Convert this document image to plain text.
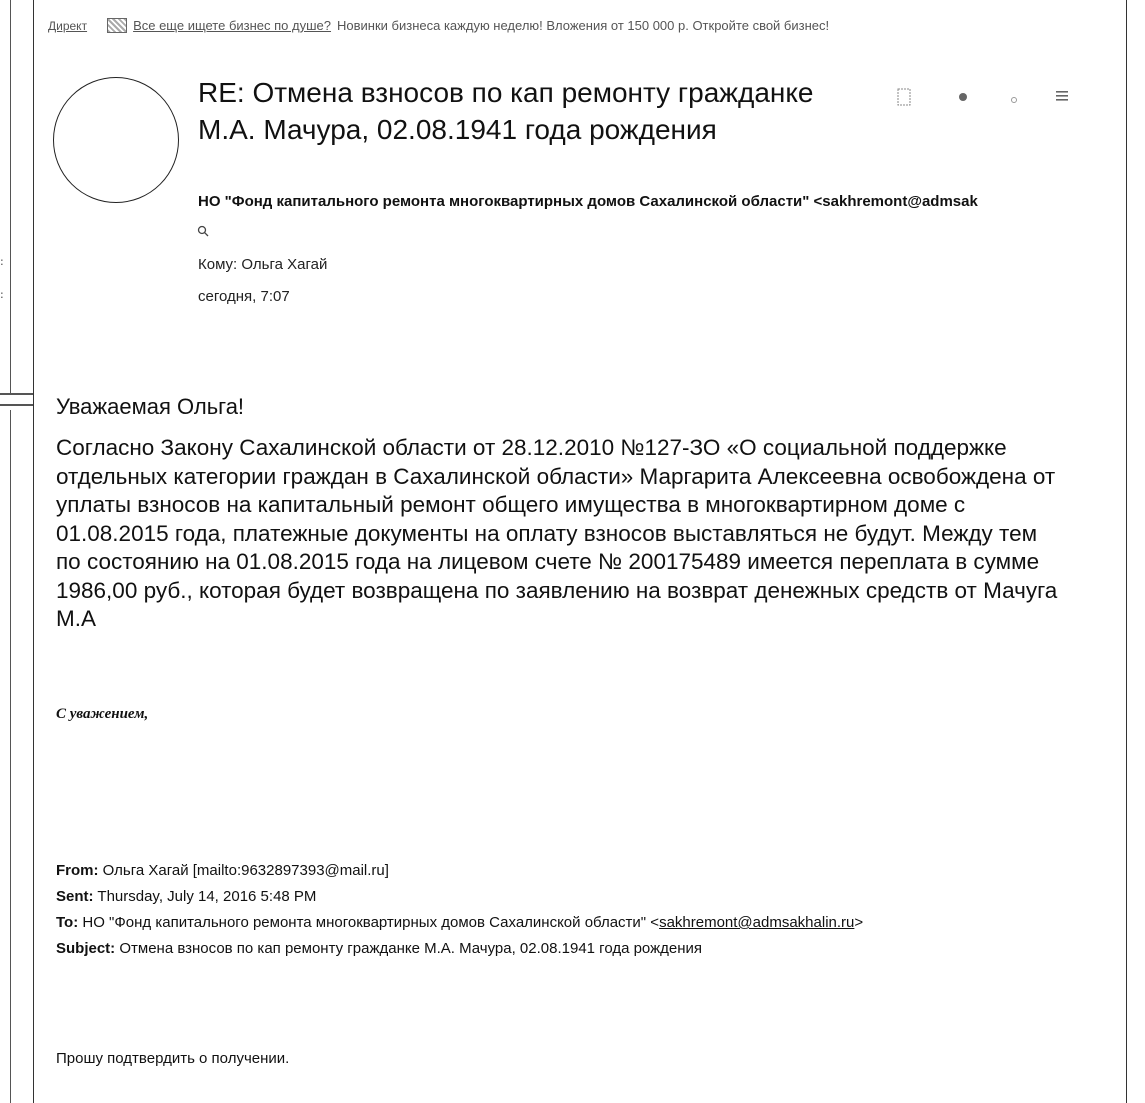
:
:
Директ	Все еще ищете бизнес по душе? Новинки бизнеса каждую неделю! Вложения от 150 000 р. Откройте свой бизнес!
RE: Отмена взносов по кап ремонту гражданке М.А. Мачура, 02.08.1941 года рождения
НО "Фонд капитального ремонта многоквартирных домов Сахалинской области" <sakhremont@admsak
Кому: Ольга Хагай
сегодня, 7:07
Уважаемая Ольга!
Согласно Закону Сахалинской области от 28.12.2010 №127-ЗО «О социальной поддержке отдельных категории граждан в Сахалинской области» Маргарита Алексеевна освобождена от уплаты взносов на капитальный ремонт общего имущества в многоквартирном доме с 01.08.2015 года, платежные документы на оплату взносов выставляться не будут. Между тем по состоянию на 01.08.2015 года на лицевом счете № 200175489 имеется переплата в сумме 1986,00 руб., которая будет возвращена по заявлению на возврат денежных средств от Мачуга М.А
С уважением,
From: Ольга Хагай [mailto:9632897393@mail.ru]
Sent: Thursday, July 14, 2016 5:48 PM
To: НО "Фонд капитального ремонта многоквартирных домов Сахалинской области" <sakhremont@admsakhalin.ru>
Subject: Отмена взносов по кап ремонту гражданке М.А. Мачура, 02.08.1941 года рождения
Прошу подтвердить о получении.
